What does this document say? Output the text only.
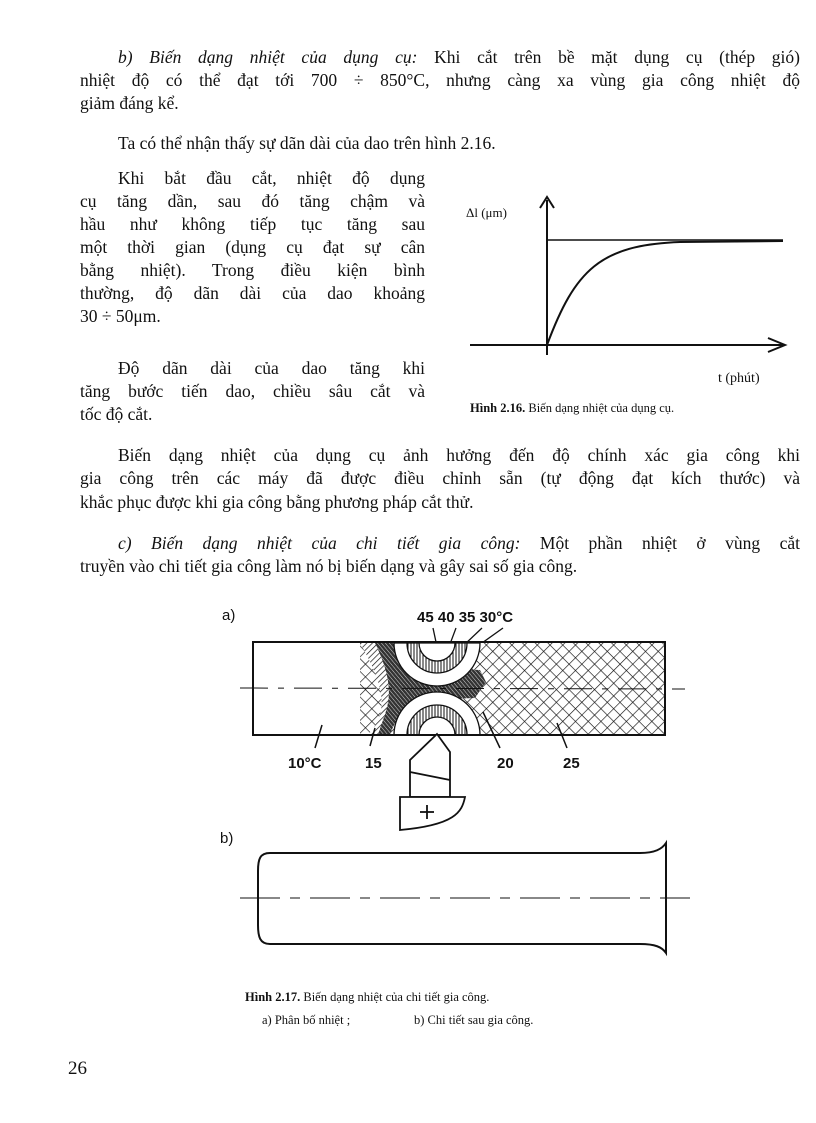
b) Biến dạng nhiệt của dụng cụ: Khi cắt trên bề mặt dụng cụ (thép gió)
nhiệt độ có thể đạt tới 700 ÷ 850°C, nhưng càng xa vùng gia công nhiệt độ
giảm đáng kể.
Ta có thể nhận thấy sự dãn dài của dao trên hình 2.16.
Khi bắt đầu cắt, nhiệt độ dụng
cụ tăng dần, sau đó tăng chậm và
hầu như không tiếp tục tăng sau
một thời gian (dụng cụ đạt sự cân
bằng nhiệt). Trong điều kiện bình
thường, độ dãn dài của dao khoảng
30 ÷ 50μm.
Độ dãn dài của dao tăng khi
tăng bước tiến dao, chiều sâu cắt và
tốc độ cắt.
Δl (μm)
t (phút)
Hình 2.16. Biến dạng nhiệt của dụng cụ.
Biến dạng nhiệt của dụng cụ ảnh hưởng đến độ chính xác gia công khi
gia công trên các máy đã được điều chỉnh sẵn (tự động đạt kích thước) và
khắc phục được khi gia công bằng phương pháp cắt thử.
c) Biến dạng nhiệt của chi tiết gia công: Một phần nhiệt ở vùng cắt
truyền vào chi tiết gia công làm nó bị biến dạng và gây sai số gia công.
a)	45 40 35 30°C
10°C	15	20	25
b)
Hình 2.17. Biến dạng nhiệt của chi tiết gia công.
a) Phân bố nhiệt ;	b) Chi tiết sau gia công.
26
